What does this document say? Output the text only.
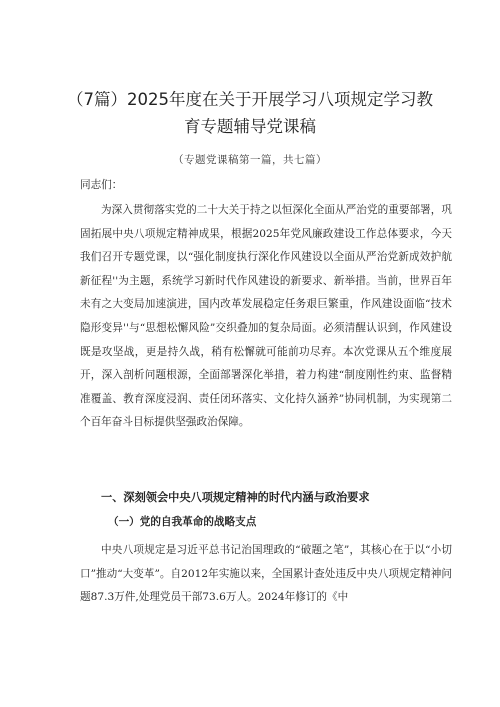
（7篇）2025年度在关于开展学习八项规定学习教育专题辅导党课稿

（专题党课稿第一篇，共七篇）

同志们：

为深入贯彻落实党的二十大关于持之以恒深化全面从严治党的重要部署，巩固拓展中央八项规定精神成果，根据2025年党风廉政建设工作总体要求，今天我们召开专题党课，以“强化制度执行深化作风建设以全面从严治党新成效护航新征程''为主题，系统学习新时代作风建设的新要求、新举措。当前，世界百年未有之大变局加速演进，国内改革发展稳定任务艰巨繁重，作风建设面临“技术隐形变异''与“思想松懈风险”交织叠加的复杂局面。必须清醒认识到，作风建设既是攻坚战，更是持久战，稍有松懈就可能前功尽弃。本次党课从五个维度展开，深入剖析问题根源，全面部署深化举措，着力构建“制度刚性约束、监督精准覆盖、教育深度浸润、责任闭环落实、文化持久涵养”协同机制，为实现第二个百年奋斗目标提供坚强政治保障。

一、深刻领会中央八项规定精神的时代内涵与政治要求
（一）党的自我革命的战略支点

中央八项规定是习近平总书记治国理政的“破题之笔”，其核心在于以“小切口”推动“大变革”。自2012年实施以来，全国累计查处违反中央八项规定精神问题87.3万件,处理党员干部73.6万人。2024年修订的《中
